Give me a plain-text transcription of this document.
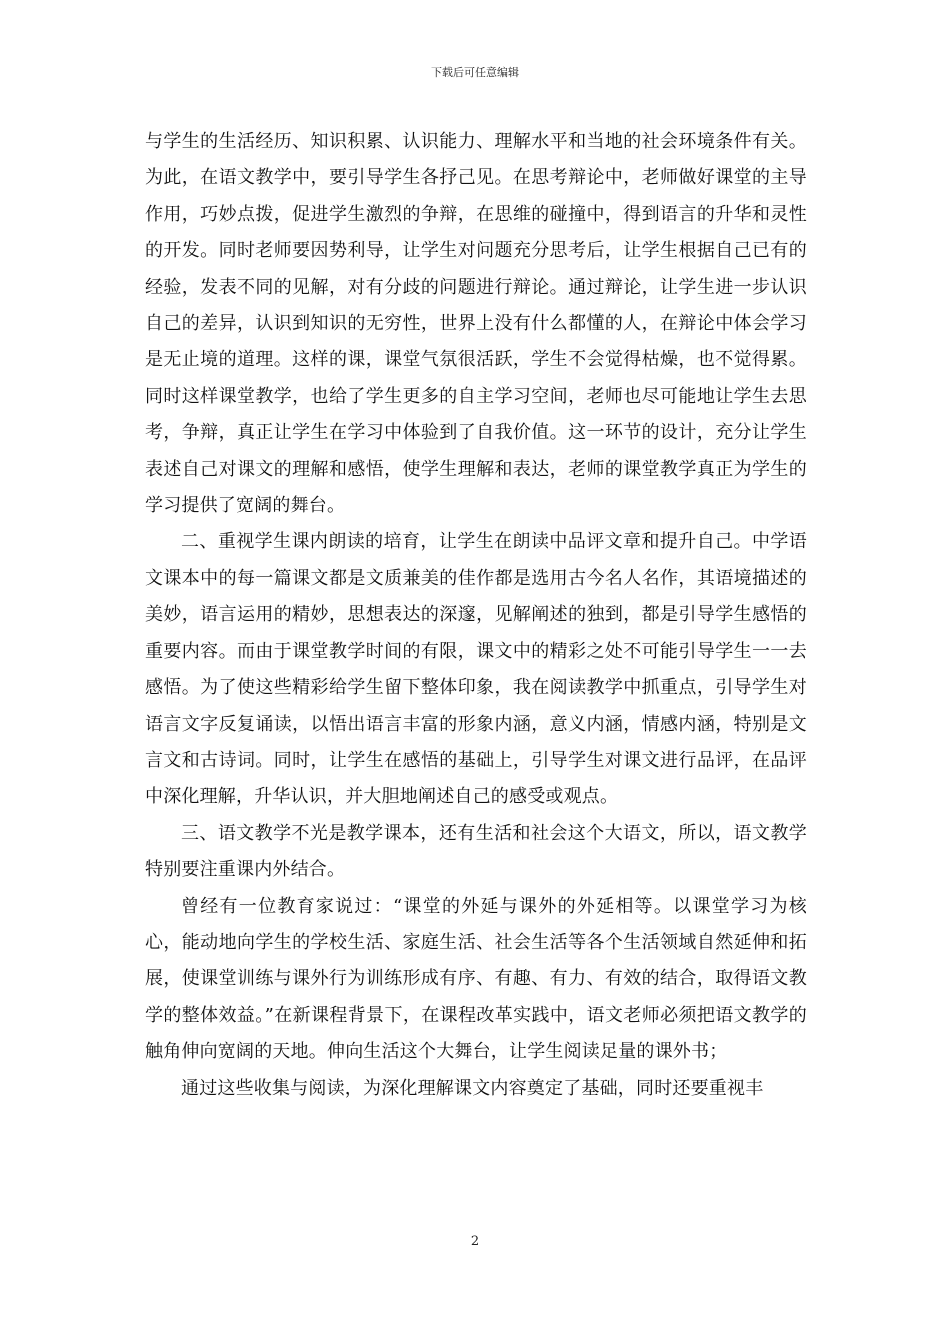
下载后可任意编辑

与学生的生活经历、知识积累、认识能力、理解水平和当地的社会环境条件有关。为此，在语文教学中，要引导学生各抒己见。在思考辩论中，老师做好课堂的主导作用，巧妙点拨，促进学生激烈的争辩，在思维的碰撞中，得到语言的升华和灵性的开发。同时老师要因势利导，让学生对问题充分思考后，让学生根据自己已有的经验，发表不同的见解，对有分歧的问题进行辩论。通过辩论，让学生进一步认识自己的差异，认识到知识的无穷性，世界上没有什么都懂的人，在辩论中体会学习是无止境的道理。这样的课，课堂气氛很活跃，学生不会觉得枯燥，也不觉得累。同时这样课堂教学，也给了学生更多的自主学习空间，老师也尽可能地让学生去思考，争辩，真正让学生在学习中体验到了自我价值。这一环节的设计，充分让学生表述自己对课文的理解和感悟，使学生理解和表达，老师的课堂教学真正为学生的学习提供了宽阔的舞台。

二、重视学生课内朗读的培育，让学生在朗读中品评文章和提升自己。中学语文课本中的每一篇课文都是文质兼美的佳作都是选用古今名人名作，其语境描述的美妙，语言运用的精妙，思想表达的深邃，见解阐述的独到，都是引导学生感悟的重要内容。而由于课堂教学时间的有限，课文中的精彩之处不可能引导学生一一去感悟。为了使这些精彩给学生留下整体印象，我在阅读教学中抓重点，引导学生对语言文字反复诵读，以悟出语言丰富的形象内涵，意义内涵，情感内涵，特别是文言文和古诗词。同时，让学生在感悟的基础上，引导学生对课文进行品评，在品评中深化理解，升华认识，并大胆地阐述自己的感受或观点。

三、语文教学不光是教学课本，还有生活和社会这个大语文，所以，语文教学特别要注重课内外结合。

曾经有一位教育家说过：“课堂的外延与课外的外延相等。以课堂学习为核心，能动地向学生的学校生活、家庭生活、社会生活等各个生活领域自然延伸和拓展，使课堂训练与课外行为训练形成有序、有趣、有力、有效的结合，取得语文教学的整体效益。”在新课程背景下，在课程改革实践中，语文老师必须把语文教学的触角伸向宽阔的天地。伸向生活这个大舞台，让学生阅读足量的课外书；

通过这些收集与阅读，为深化理解课文内容奠定了基础，同时还要重视丰

2
